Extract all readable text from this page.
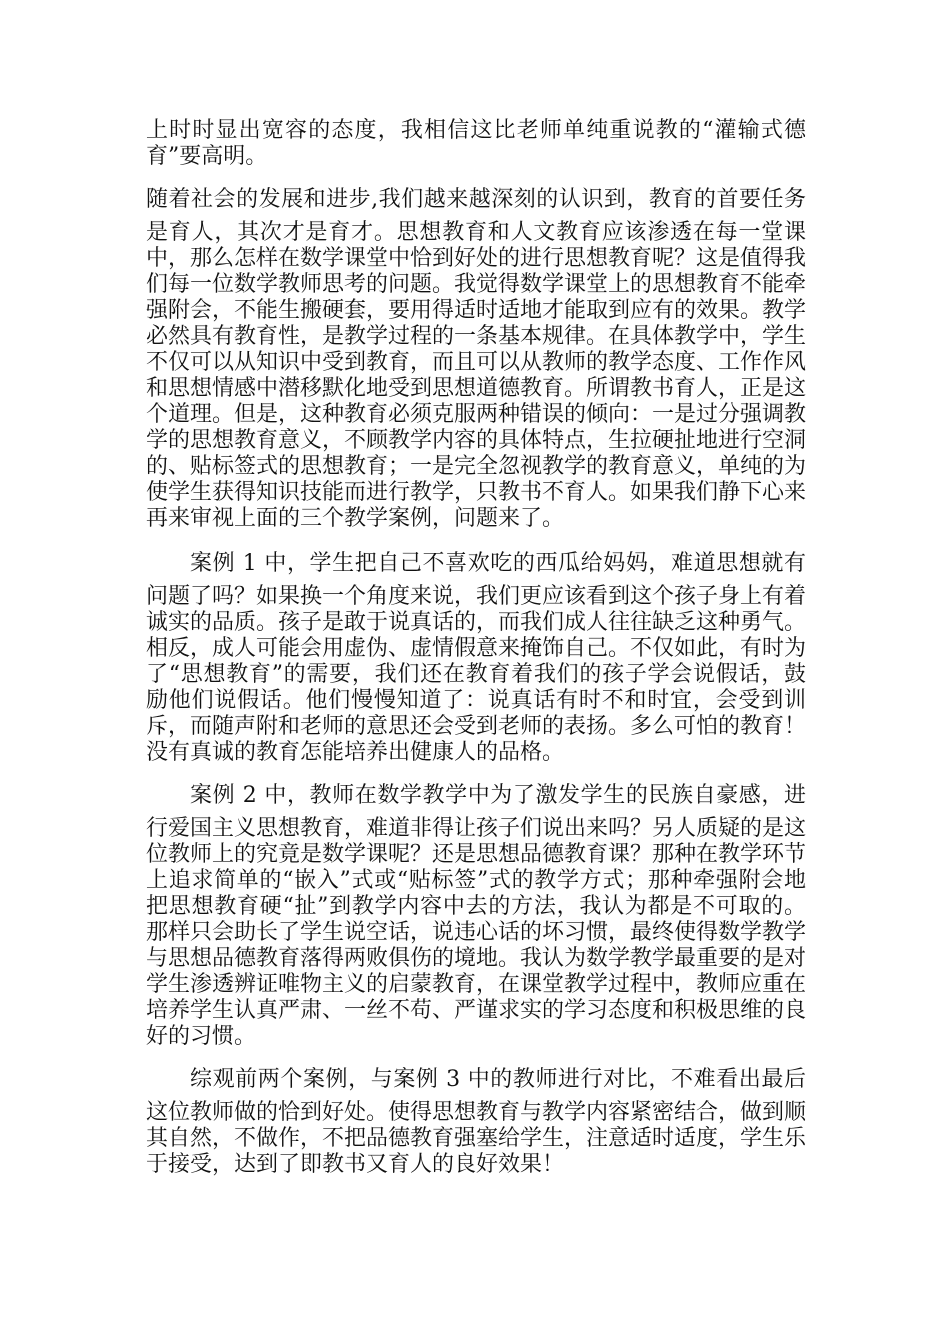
上时时显出宽容的态度，我相信这比老师单纯重说教的“灌输式德育”要高明。

随着社会的发展和进步,我们越来越深刻的认识到，教育的首要任务是育人，其次才是育才。思想教育和人文教育应该渗透在每一堂课中，那么怎样在数学课堂中恰到好处的进行思想教育呢？这是值得我们每一位数学教师思考的问题。我觉得数学课堂上的思想教育不能牵强附会，不能生搬硬套，要用得适时适地才能取到应有的效果。教学必然具有教育性，是教学过程的一条基本规律。在具体教学中，学生不仅可以从知识中受到教育，而且可以从教师的教学态度、工作作风和思想情感中潜移默化地受到思想道德教育。所谓教书育人，正是这个道理。但是，这种教育必须克服两种错误的倾向：一是过分强调教学的思想教育意义，不顾教学内容的具体特点，生拉硬扯地进行空洞的、贴标签式的思想教育；一是完全忽视教学的教育意义，单纯的为使学生获得知识技能而进行教学，只教书不育人。如果我们静下心来再来审视上面的三个教学案例，问题来了。

案例 1 中，学生把自己不喜欢吃的西瓜给妈妈，难道思想就有问题了吗？如果换一个角度来说，我们更应该看到这个孩子身上有着诚实的品质。孩子是敢于说真话的，而我们成人往往缺乏这种勇气。相反，成人可能会用虚伪、虚情假意来掩饰自己。不仅如此，有时为了“思想教育”的需要，我们还在教育着我们的孩子学会说假话，鼓励他们说假话。他们慢慢知道了：说真话有时不和时宜，会受到训斥，而随声附和老师的意思还会受到老师的表扬。多么可怕的教育！没有真诚的教育怎能培养出健康人的品格。

案例 2 中，教师在数学教学中为了激发学生的民族自豪感，进行爱国主义思想教育，难道非得让孩子们说出来吗？另人质疑的是这位教师上的究竟是数学课呢？还是思想品德教育课？那种在教学环节上追求简单的“嵌入”式或“贴标签”式的教学方式；那种牵强附会地把思想教育硬“扯”到教学内容中去的方法，我认为都是不可取的。那样只会助长了学生说空话，说违心话的坏习惯，最终使得数学教学与思想品德教育落得两败俱伤的境地。我认为数学教学最重要的是对学生渗透辨证唯物主义的启蒙教育，在课堂教学过程中，教师应重在培养学生认真严肃、一丝不苟、严谨求实的学习态度和积极思维的良好的习惯。

综观前两个案例，与案例 3 中的教师进行对比，不难看出最后这位教师做的恰到好处。使得思想教育与教学内容紧密结合，做到顺其自然，不做作，不把品德教育强塞给学生，注意适时适度，学生乐于接受，达到了即教书又育人的良好效果！
